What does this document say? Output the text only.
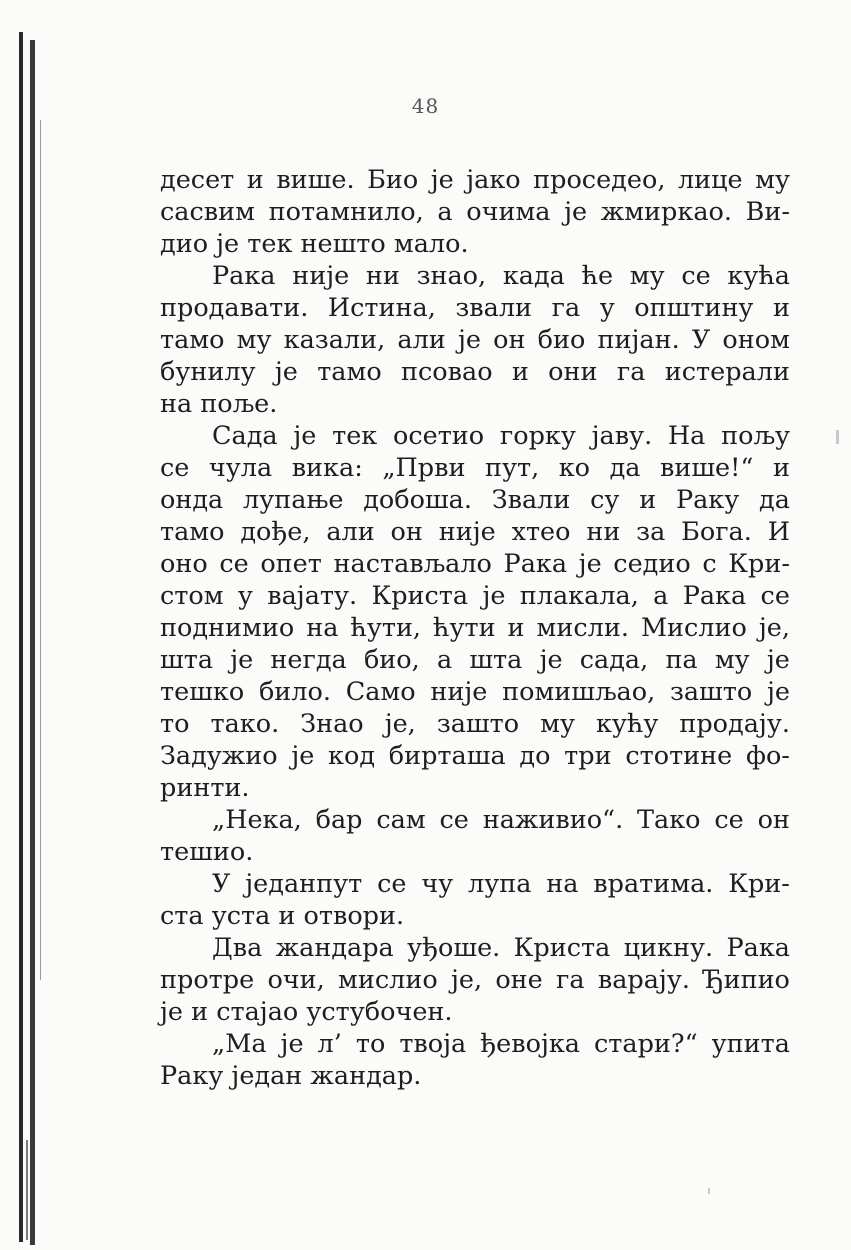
48
десет и више. Био је јако проседео, лице му
сасвим потамнило, а очима је жмиркао. Ви-
дио је тек нешто мало.
Рака није ни знао, када ће му се кућа
продавати. Истина, звали га у општину и
тамо му казали, али је он био пијан. У оном
бунилу је тамо псовао и они га истерали
на поље.
Сада је тек осетио горку јаву. На пољу
се чула вика: „Први пут, ко да више!“ и
онда лупање добоша. Звали су и Раку да
тамо дође, али он није хтео ни за Бога. И
оно се опет настављало Рака је седио с Кри-
стом у вајату. Криста је плакала, а Рака се
поднимио на ћути, ћути и мисли. Мислио је,
шта је негда био, а шта је сада, па му је
тешко било. Само није помишљао, зашто је
то тако. Знао је, зашто му кућу продају.
Задужио је код бирташа до три стотине фо-
ринти.
„Нека, бар сам се наживио“. Тако се он
тешио.
У једанпут се чу лупа на вратима. Кри-
ста уста и отвори.
Два жандара уђоше. Криста цикну. Рака
протре очи, мислио је, оне га варају. Ђипио
је и стајао устубочен.
„Ма је л’ то твоја ђевојка стари?“ упита
Раку један жандар.
